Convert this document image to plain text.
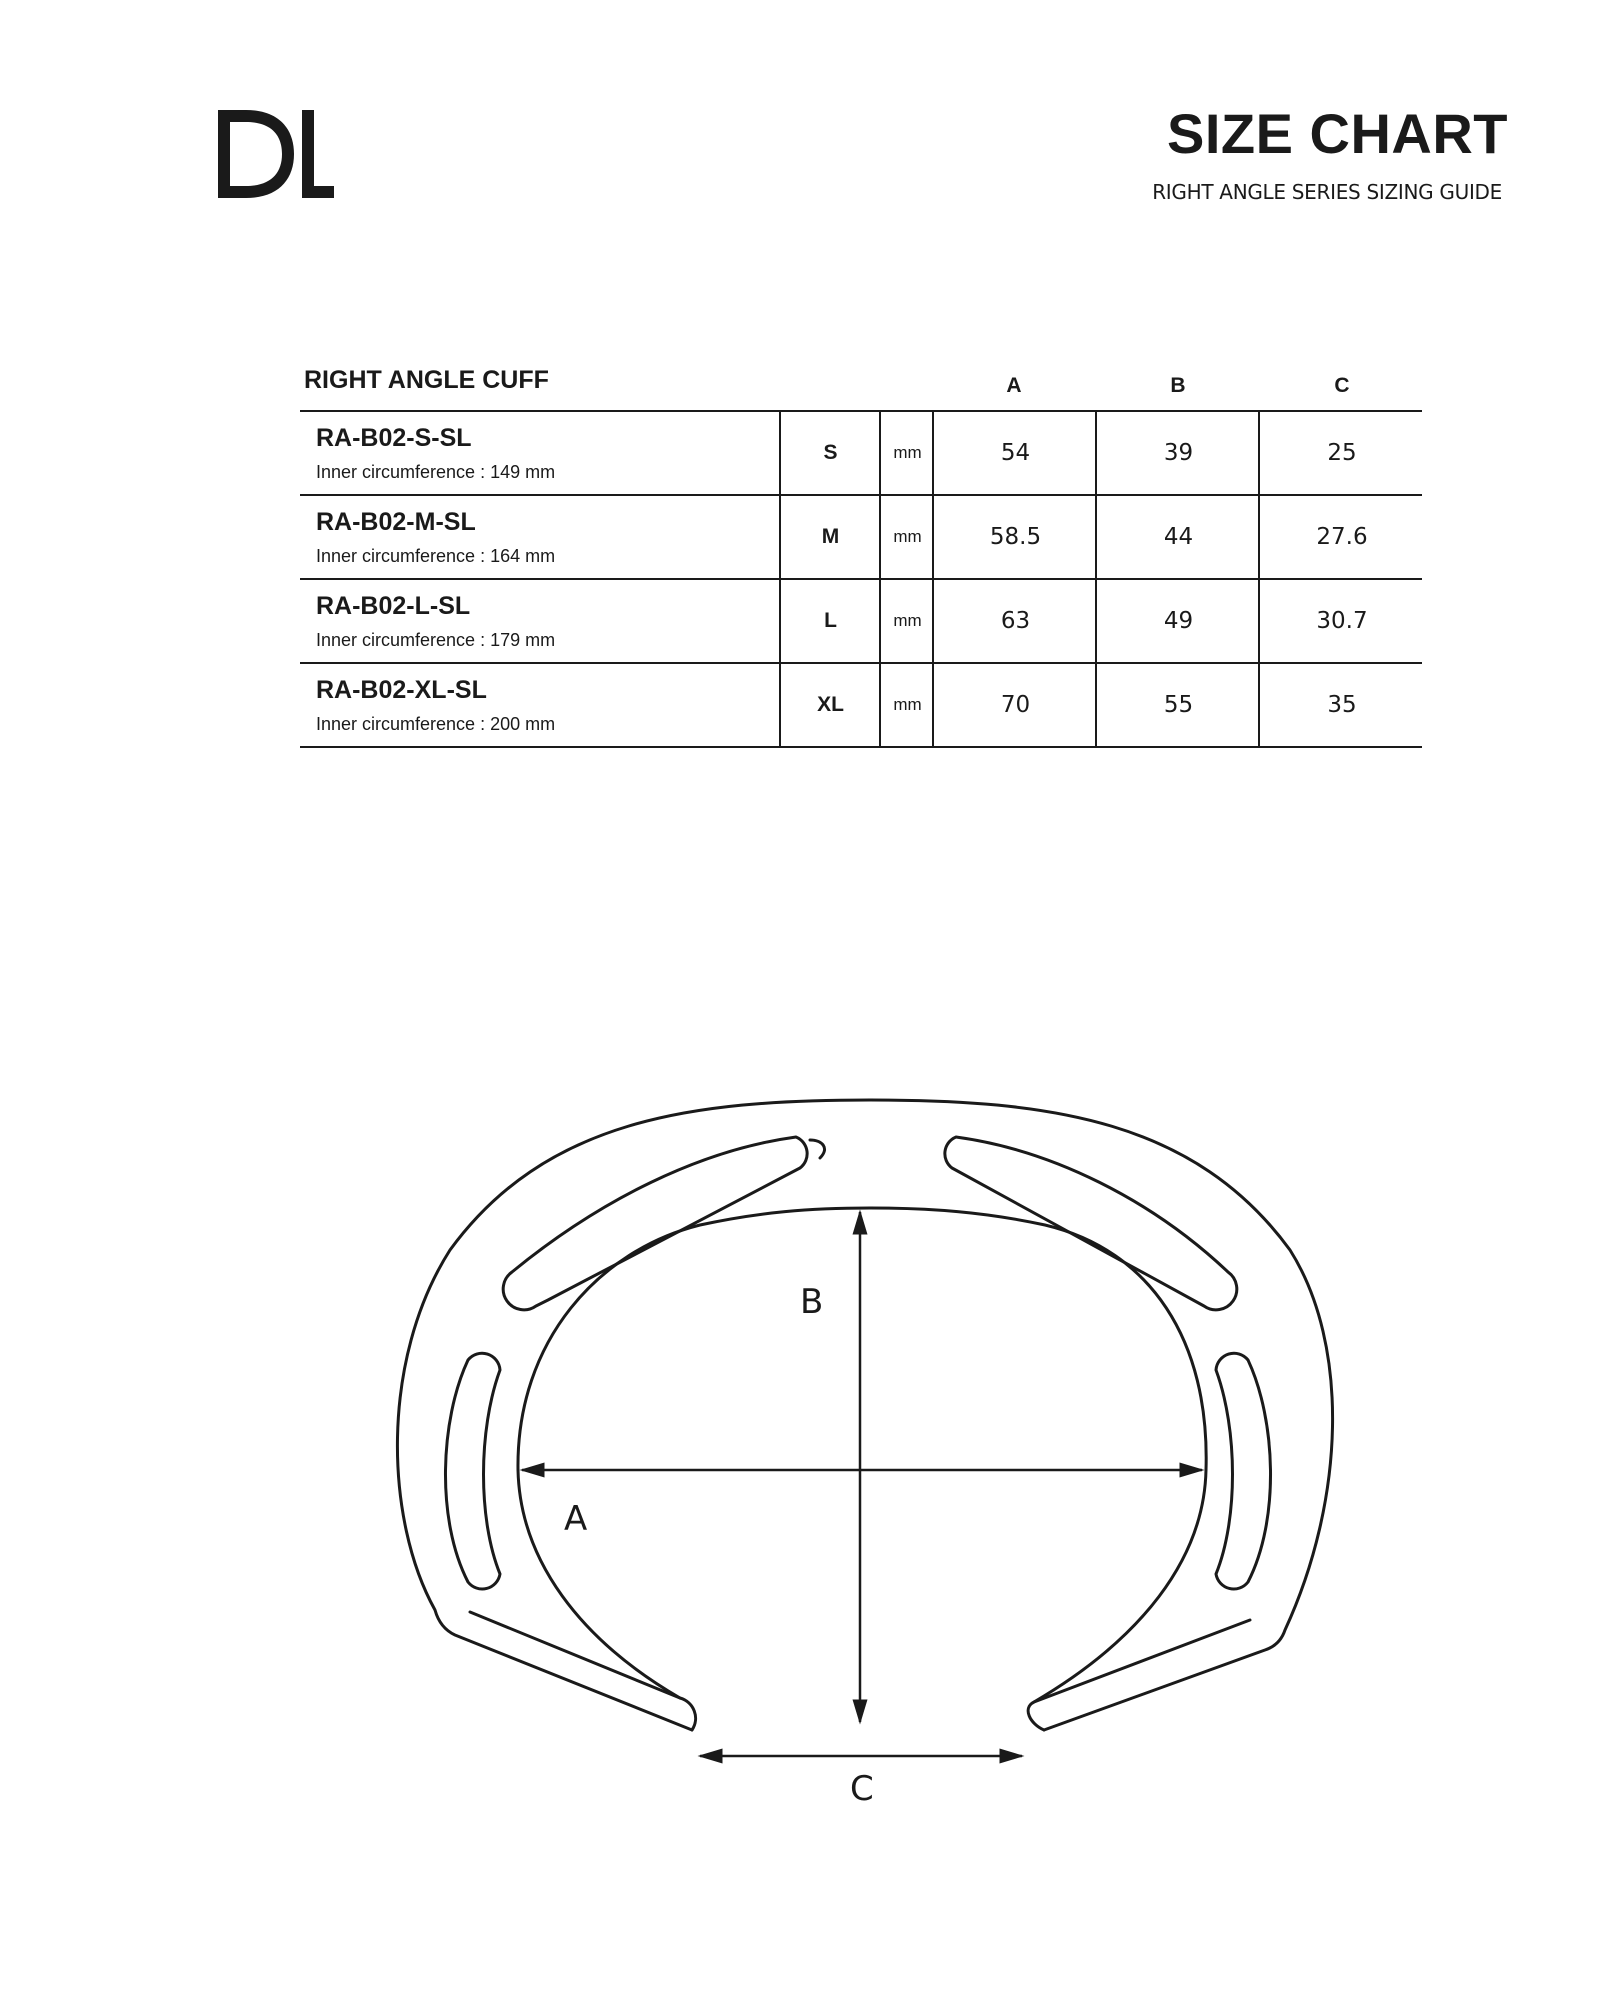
SIZE CHART
RIGHT ANGLE SERIES SIZING GUIDE
RIGHT ANGLE CUFF	A	B	C
RA-B02-S-SL
Inner circumference : 149 mm
S	mm	54	39	25
RA-B02-M-SL
Inner circumference : 164 mm
M	mm	58.5	44	27.6
RA-B02-L-SL
Inner circumference : 179 mm
L	mm	63	49	30.7
RA-B02-XL-SL
Inner circumference : 200 mm
XL	mm	70	55	35
B
A
C
